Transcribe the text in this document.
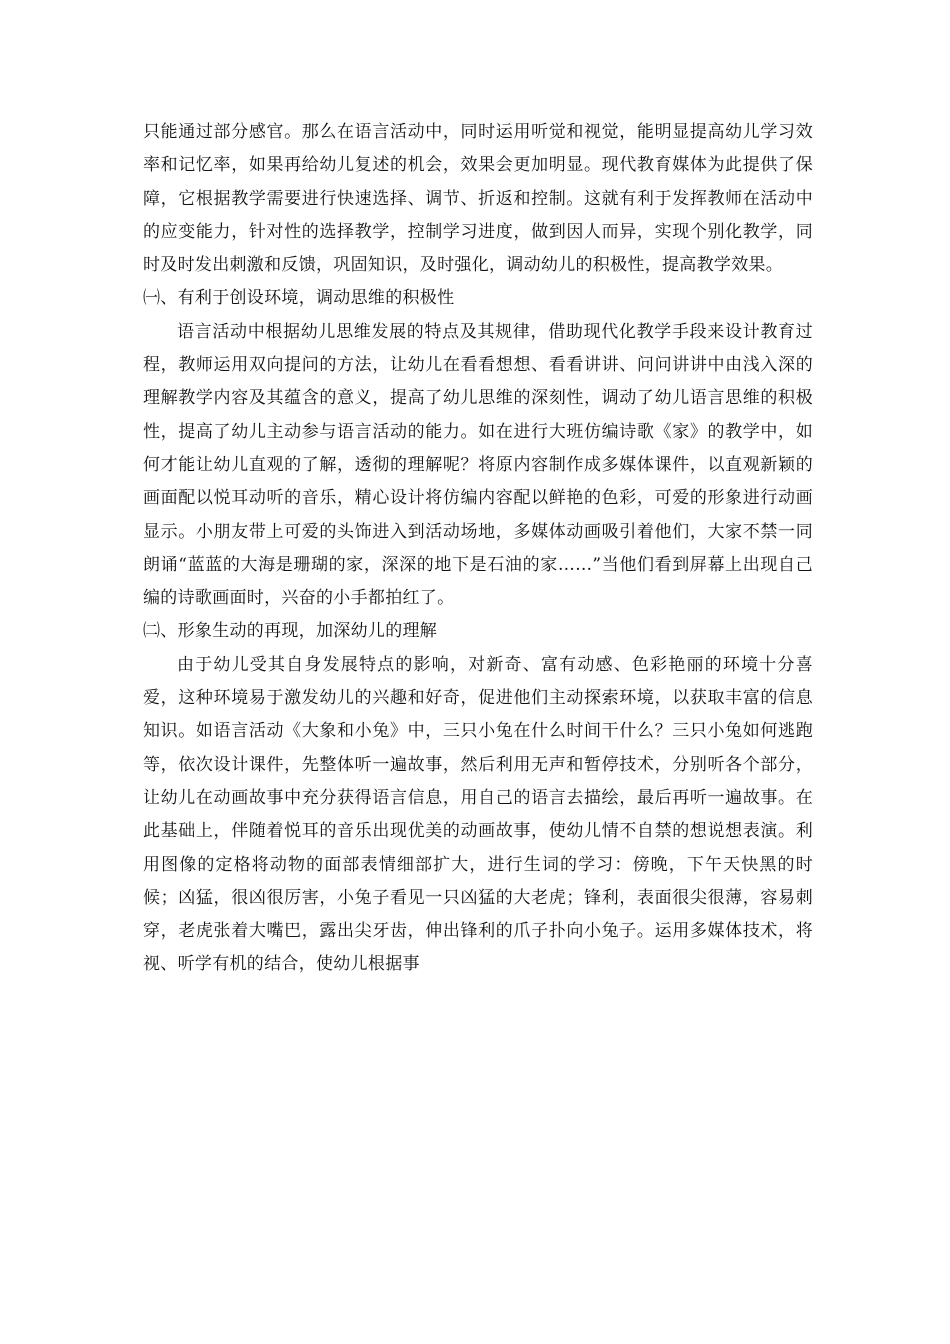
只能通过部分感官。那么在语言活动中，同时运用听觉和视觉，能明显提高幼儿学习效率和记忆率，如果再给幼儿复述的机会，效果会更加明显。现代教育媒体为此提供了保障，它根据教学需要进行快速选择、调节、折返和控制。这就有利于发挥教师在活动中的应变能力，针对性的选择教学，控制学习进度，做到因人而异，实现个别化教学，同时及时发出刺激和反馈，巩固知识，及时强化，调动幼儿的积极性，提高教学效果。

㈠、有利于创设环境，调动思维的积极性

语言活动中根据幼儿思维发展的特点及其规律，借助现代化教学手段来设计教育过程，教师运用双向提问的方法，让幼儿在看看想想、看看讲讲、问问讲讲中由浅入深的理解教学内容及其蕴含的意义，提高了幼儿思维的深刻性，调动了幼儿语言思维的积极性，提高了幼儿主动参与语言活动的能力。如在进行大班仿编诗歌《家》的教学中，如何才能让幼儿直观的了解，透彻的理解呢？将原内容制作成多媒体课件，以直观新颖的画面配以悦耳动听的音乐，精心设计将仿编内容配以鲜艳的色彩，可爱的形象进行动画显示。小朋友带上可爱的头饰进入到活动场地，多媒体动画吸引着他们，大家不禁一同朗诵“蓝蓝的大海是珊瑚的家，深深的地下是石油的家……”当他们看到屏幕上出现自己编的诗歌画面时，兴奋的小手都拍红了。

㈡、形象生动的再现，加深幼儿的理解

由于幼儿受其自身发展特点的影响，对新奇、富有动感、色彩艳丽的环境十分喜爱，这种环境易于激发幼儿的兴趣和好奇，促进他们主动探索环境，以获取丰富的信息知识。如语言活动《大象和小兔》中，三只小兔在什么时间干什么？三只小兔如何逃跑等，依次设计课件，先整体听一遍故事，然后利用无声和暂停技术，分别听各个部分，让幼儿在动画故事中充分获得语言信息，用自己的语言去描绘，最后再听一遍故事。在此基础上，伴随着悦耳的音乐出现优美的动画故事，使幼儿情不自禁的想说想表演。利用图像的定格将动物的面部表情细部扩大，进行生词的学习：傍晚，下午天快黑的时候；凶猛，很凶很厉害，小兔子看见一只凶猛的大老虎；锋利，表面很尖很薄，容易刺穿，老虎张着大嘴巴，露出尖牙齿，伸出锋利的爪子扑向小兔子。运用多媒体技术，将视、听学有机的结合，使幼儿根据事
